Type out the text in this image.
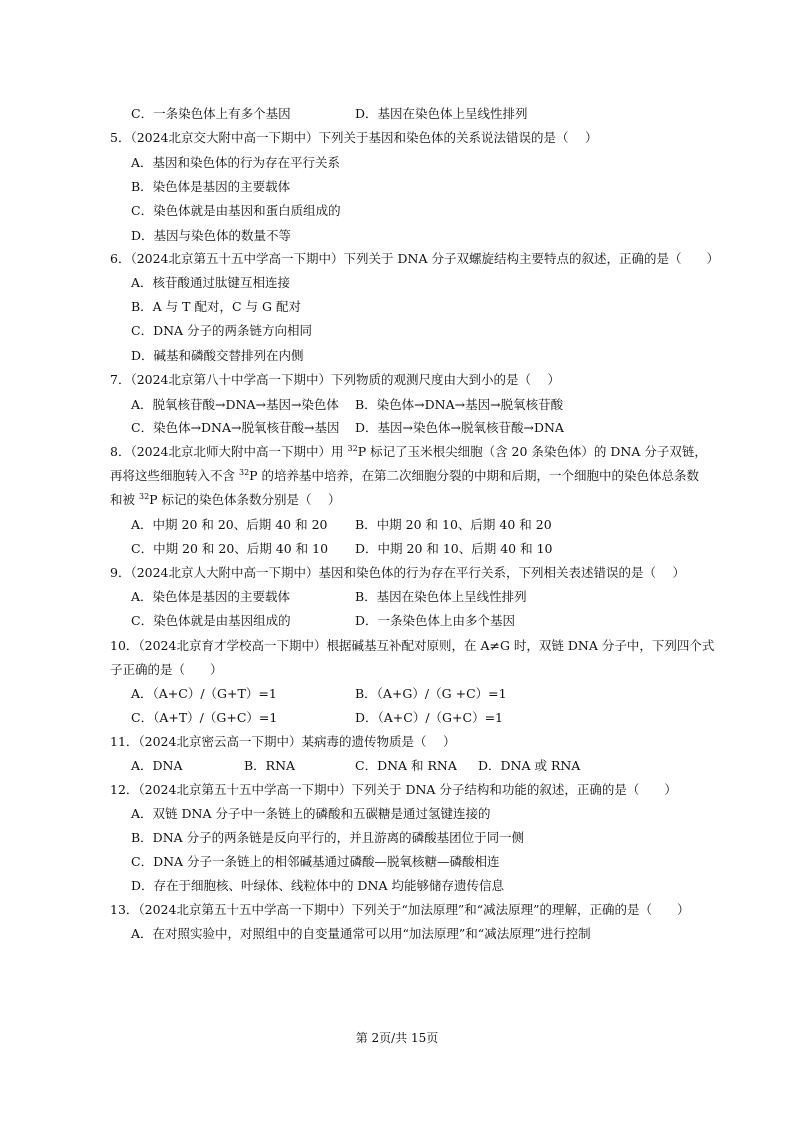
C．一条染色体上有多个基因	D．基因在染色体上呈线性排列
5．（2024北京交大附中高一下期中）下列关于基因和染色体的关系说法错误的是（　 ）
A．基因和染色体的行为存在平行关系
B．染色体是基因的主要载体
C．染色体就是由基因和蛋白质组成的
D．基因与染色体的数量不等
6．（2024北京第五十五中学高一下期中）下列关于 DNA 分子双螺旋结构主要特点的叙述，正确的是（　　）
A．核苷酸通过肽键互相连接
B．A 与 T 配对，C 与 G 配对
C．DNA 分子的两条链方向相同
D．碱基和磷酸交替排列在内侧
7．（2024北京第八十中学高一下期中）下列物质的观测尺度由大到小的是（　 ）
A．脱氧核苷酸→DNA→基因→染色体 B．染色体→DNA→基因→脱氧核苷酸
C．染色体→DNA→脱氧核苷酸→基因 D．基因→染色体→脱氧核苷酸→DNA
8．（2024北京北师大附中高一下期中）用 $^{32}$P 标记了玉米根尖细胞（含 20 条染色体）的 DNA 分子双链，
再将这些细胞转入不含 $^{32}$P 的培养基中培养，在第二次细胞分裂的中期和后期，一个细胞中的染色体总条数
和被 $^{32}$P 标记的染色体条数分别是（　 ）
A．中期 20 和 20、后期 40 和 20 B．中期 20 和 10、后期 40 和 20
C．中期 20 和 20、后期 40 和 10 D．中期 20 和 10、后期 40 和 10
9．（2024北京人大附中高一下期中）基因和染色体的行为存在平行关系，下列相关表述错误的是（　 ）
A．染色体是基因的主要载体	B．基因在染色体上呈线性排列
C．染色体就是由基因组成的	D．一条染色体上由多个基因
10．（2024北京育才学校高一下期中）根据碱基互补配对原则，在 A≠G 时，双链 DNA 分子中，下列四个式
子正确的是（　　）
A．（A+C）/（G+T）=1	B．（A+G）/（G +C）=1
C．（A+T）/（G+C）=1	D．（A+C）/（G+C）=1
11．（2024北京密云高一下期中）某病毒的遗传物质是（　 ）
A．DNA	B．RNA	C．DNA 和 RNA D．DNA 或 RNA
12．（2024北京第五十五中学高一下期中）下列关于 DNA 分子结构和功能的叙述，正确的是（　　）
A．双链 DNA 分子中一条链上的磷酸和五碳糖是通过氢键连接的
B．DNA 分子的两条链是反向平行的，并且游离的磷酸基团位于同一侧
C．DNA 分子一条链上的相邻碱基通过磷酸—脱氧核糖—磷酸相连
D．存在于细胞核、叶绿体、线粒体中的 DNA 均能够储存遗传信息
13．（2024北京第五十五中学高一下期中）下列关于“加法原理”和“减法原理”的理解，正确的是（　　）
A．在对照实验中，对照组中的自变量通常可以用“加法原理”和“减法原理”进行控制
第 2页/共 15页
